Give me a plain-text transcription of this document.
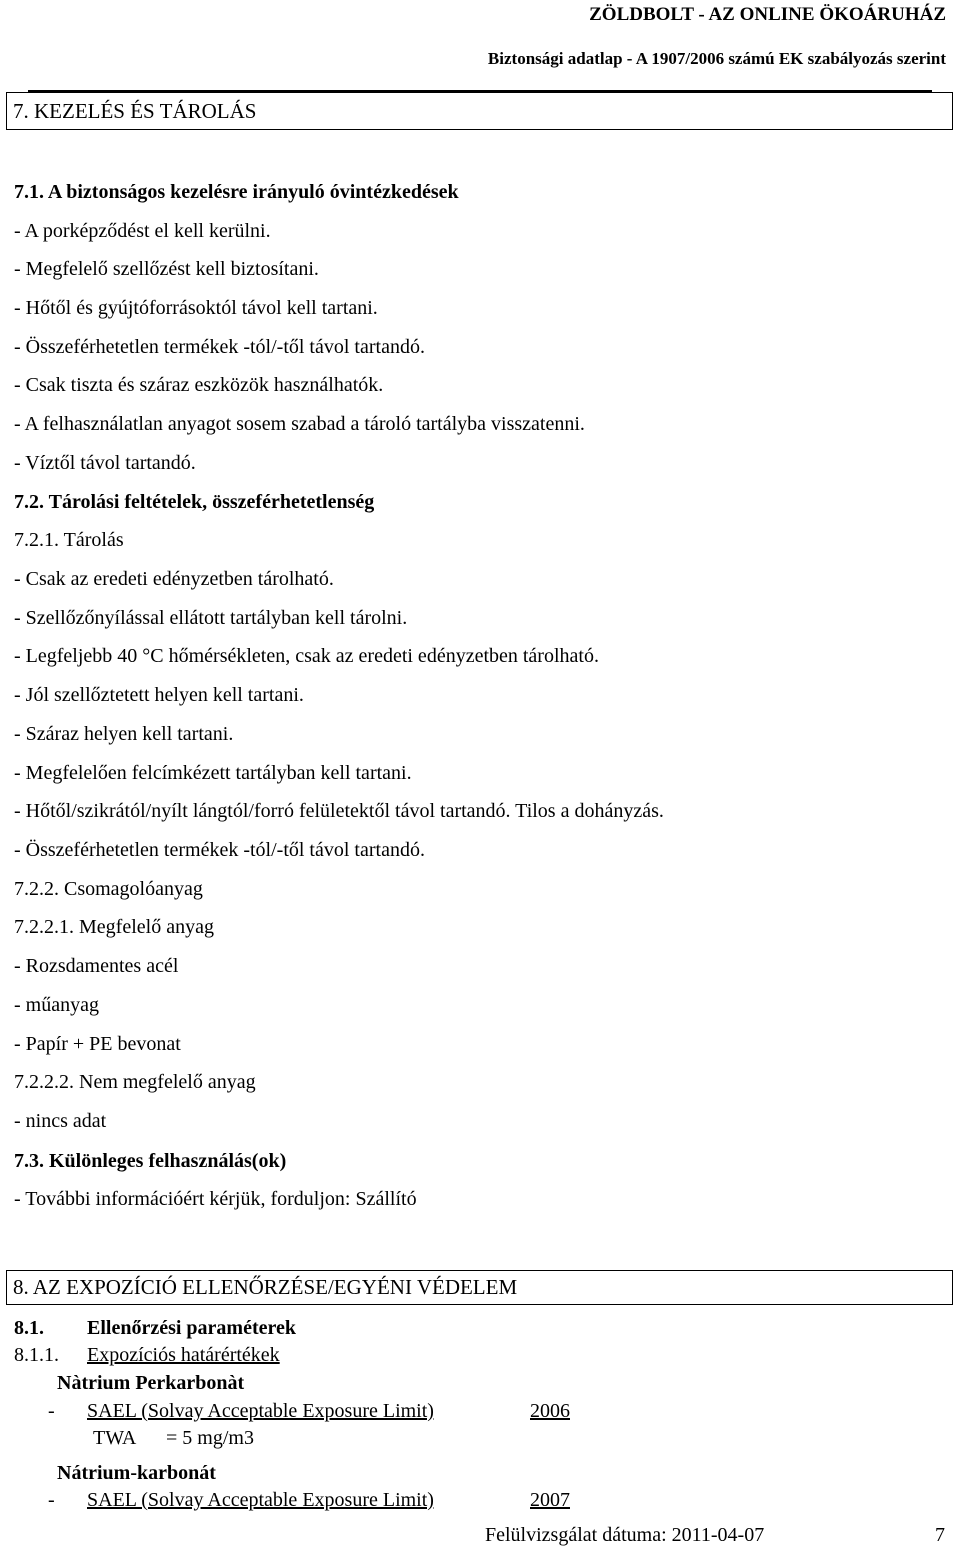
ZÖLDBOLT - AZ ONLINE ÖKOÁRUHÁZ
Biztonsági adatlap - A 1907/2006 számú EK szabályozás szerint
7. KEZELÉS ÉS TÁROLÁS
7.1. A biztonságos kezelésre irányuló óvintézkedések
- A porképződést el kell kerülni.
- Megfelelő szellőzést kell biztosítani.
- Hőtől és gyújtóforrásoktól távol kell tartani.
- Összeférhetetlen termékek -tól/-től távol tartandó.
- Csak tiszta és száraz eszközök használhatók.
- A felhasználatlan anyagot sosem szabad a tároló tartályba visszatenni.
- Víztől távol tartandó.
7.2. Tárolási feltételek, összeférhetetlenség
7.2.1. Tárolás
- Csak az eredeti edényzetben tárolható.
- Szellőzőnyílással ellátott tartályban kell tárolni.
- Legfeljebb 40 °C hőmérsékleten, csak az eredeti edényzetben tárolható.
- Jól szellőztetett helyen kell tartani.
- Száraz helyen kell tartani.
- Megfelelően felcímkézett tartályban kell tartani.
- Hőtől/szikrától/nyílt lángtól/forró felületektől távol tartandó. Tilos a dohányzás.
- Összeférhetetlen termékek -tól/-től távol tartandó.
7.2.2. Csomagolóanyag
7.2.2.1. Megfelelő anyag
- Rozsdamentes acél
- műanyag
- Papír + PE bevonat
7.2.2.2. Nem megfelelő anyag
- nincs adat
7.3. Különleges felhasználás(ok)
- További információért kérjük, forduljon: Szállító
8. AZ EXPOZÍCIÓ ELLENŐRZÉSE/EGYÉNI VÉDELEM
8.1. Ellenőrzési paraméterek
8.1.1. Expozíciós határértékek
Nàtrium Perkarbonàt
- SAEL (Solvay Acceptable Exposure Limit)	2006
TWA = 5 mg/m3
Nátrium-karbonát
- SAEL (Solvay Acceptable Exposure Limit)	2007
Felülvizsgálat dátuma: 2011-04-07	7
